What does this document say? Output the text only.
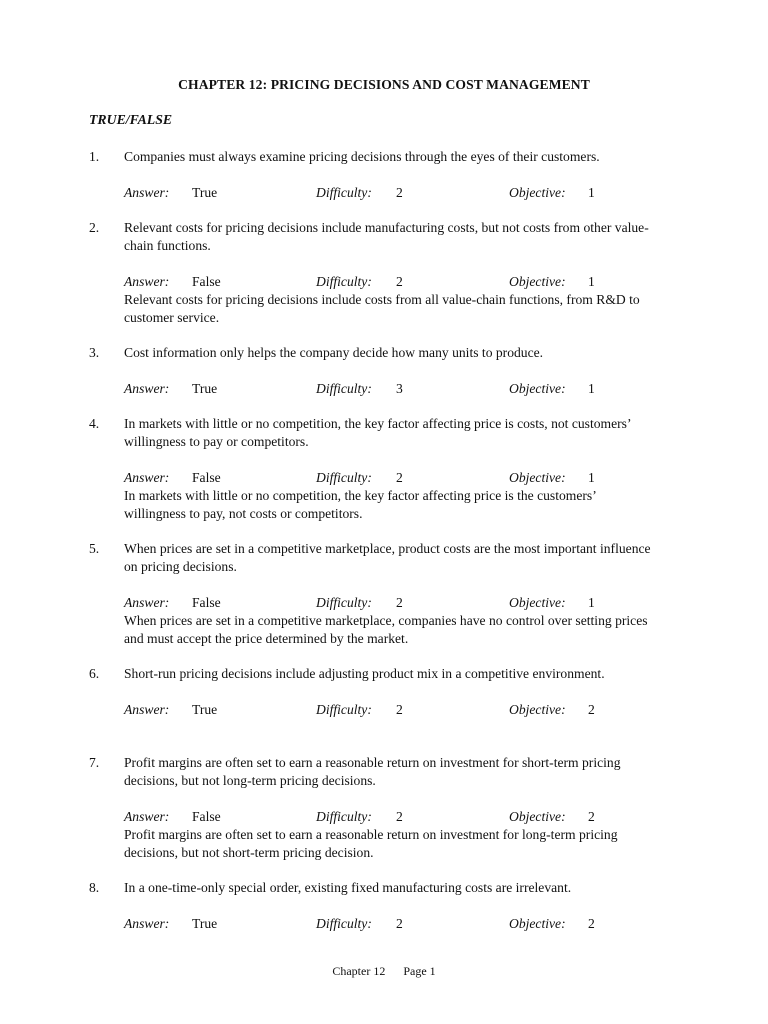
CHAPTER 12: PRICING DECISIONS AND COST MANAGEMENT
TRUE/FALSE
1.	Companies must always examine pricing decisions through the eyes of their customers.
Answer: True	Difficulty: 2	Objective: 1
2.	Relevant costs for pricing decisions include manufacturing costs, but not costs from other value-chain functions.
Answer: False	Difficulty: 2	Objective: 1
Relevant costs for pricing decisions include costs from all value-chain functions, from R&D to customer service.
3.	Cost information only helps the company decide how many units to produce.
Answer: True	Difficulty: 3	Objective: 1
4.	In markets with little or no competition, the key factor affecting price is costs, not customers’ willingness to pay or competitors.
Answer: False	Difficulty: 2	Objective: 1
In markets with little or no competition, the key factor affecting price is the customers’ willingness to pay, not costs or competitors.
5.	When prices are set in a competitive marketplace, product costs are the most important influence on pricing decisions.
Answer: False	Difficulty: 2	Objective: 1
When prices are set in a competitive marketplace, companies have no control over setting prices and must accept the price determined by the market.
6.	Short-run pricing decisions include adjusting product mix in a competitive environment.
Answer: True	Difficulty: 2	Objective: 2
7.	Profit margins are often set to earn a reasonable return on investment for short-term pricing decisions, but not long-term pricing decisions.
Answer: False	Difficulty: 2	Objective: 2
Profit margins are often set to earn a reasonable return on investment for long-term pricing decisions, but not short-term pricing decision.
8.	In a one-time-only special order, existing fixed manufacturing costs are irrelevant.
Answer: True	Difficulty: 2	Objective: 2
Chapter 12 Page 1
